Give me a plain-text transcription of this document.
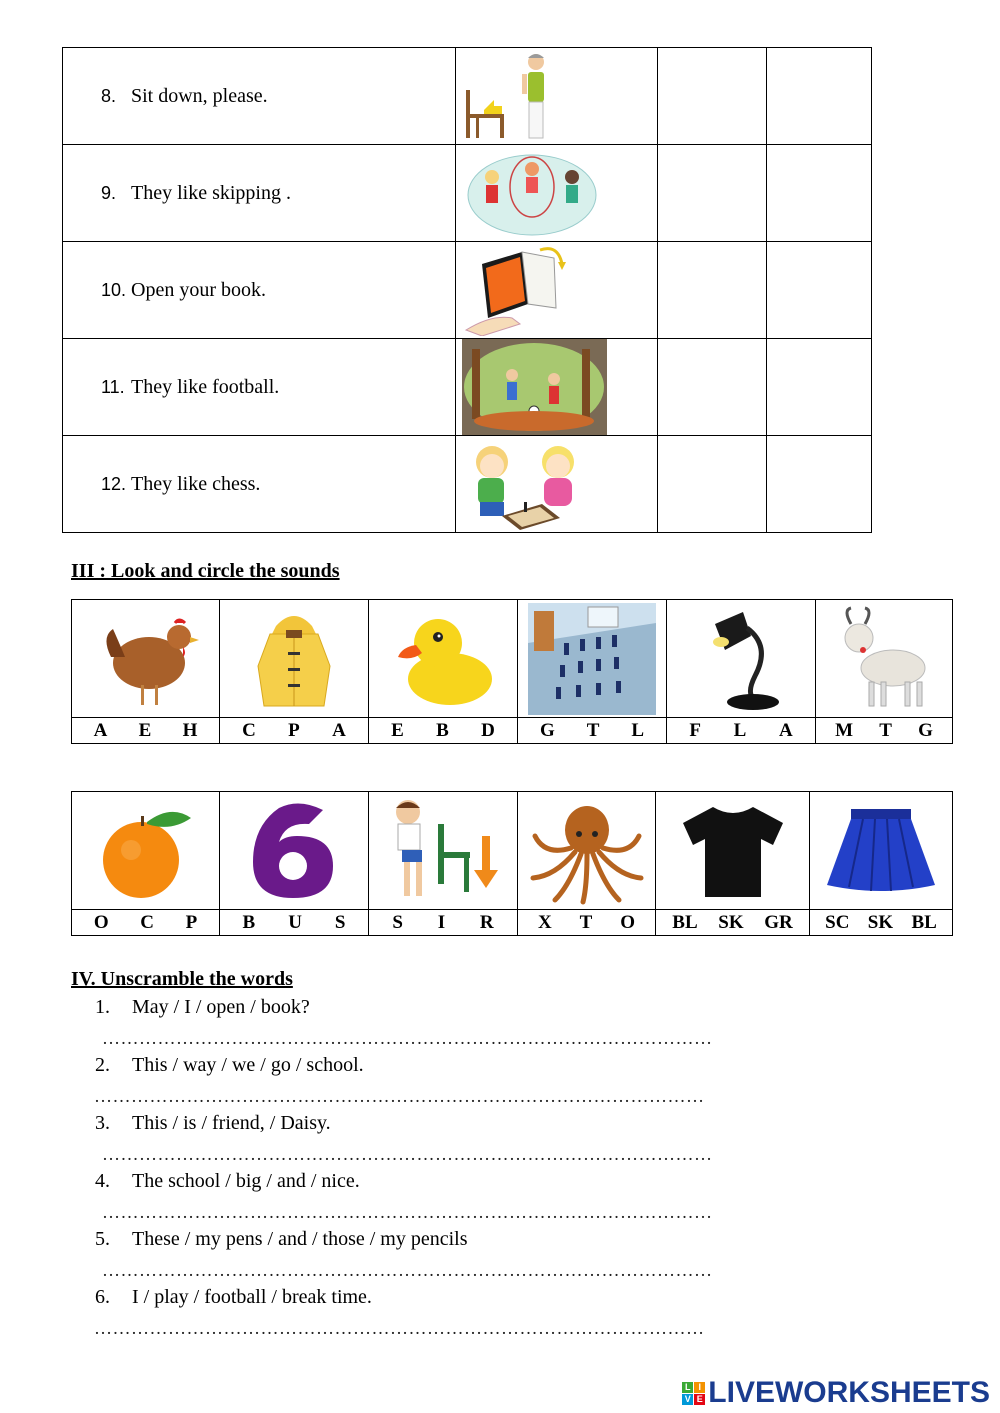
8. Sit down, please.

9. They like skipping .

10. Open your book.

11. They like football.

12. They like chess.

III : Look and circle the sounds

A E H	C P A	E B D	G T L	F L A	M T G

O C P	B U S	S I R	X T O	BL SK GR	SC SK BL
IV. Unscramble the words
1. May / I / open / book?
………………………………………………………………………………………
2. This / way / we / go / school.
………………………………………………………………………………………
3. This / is / friend, / Daisy.
………………………………………………………………………………………
4. The school / big / and / nice.
………………………………………………………………………………………
5. These / my pens / and / those / my pencils
………………………………………………………………………………………
6. I / play / football / break time.
………………………………………………………………………………………
L I
V E LIVEWORKSHEETS
